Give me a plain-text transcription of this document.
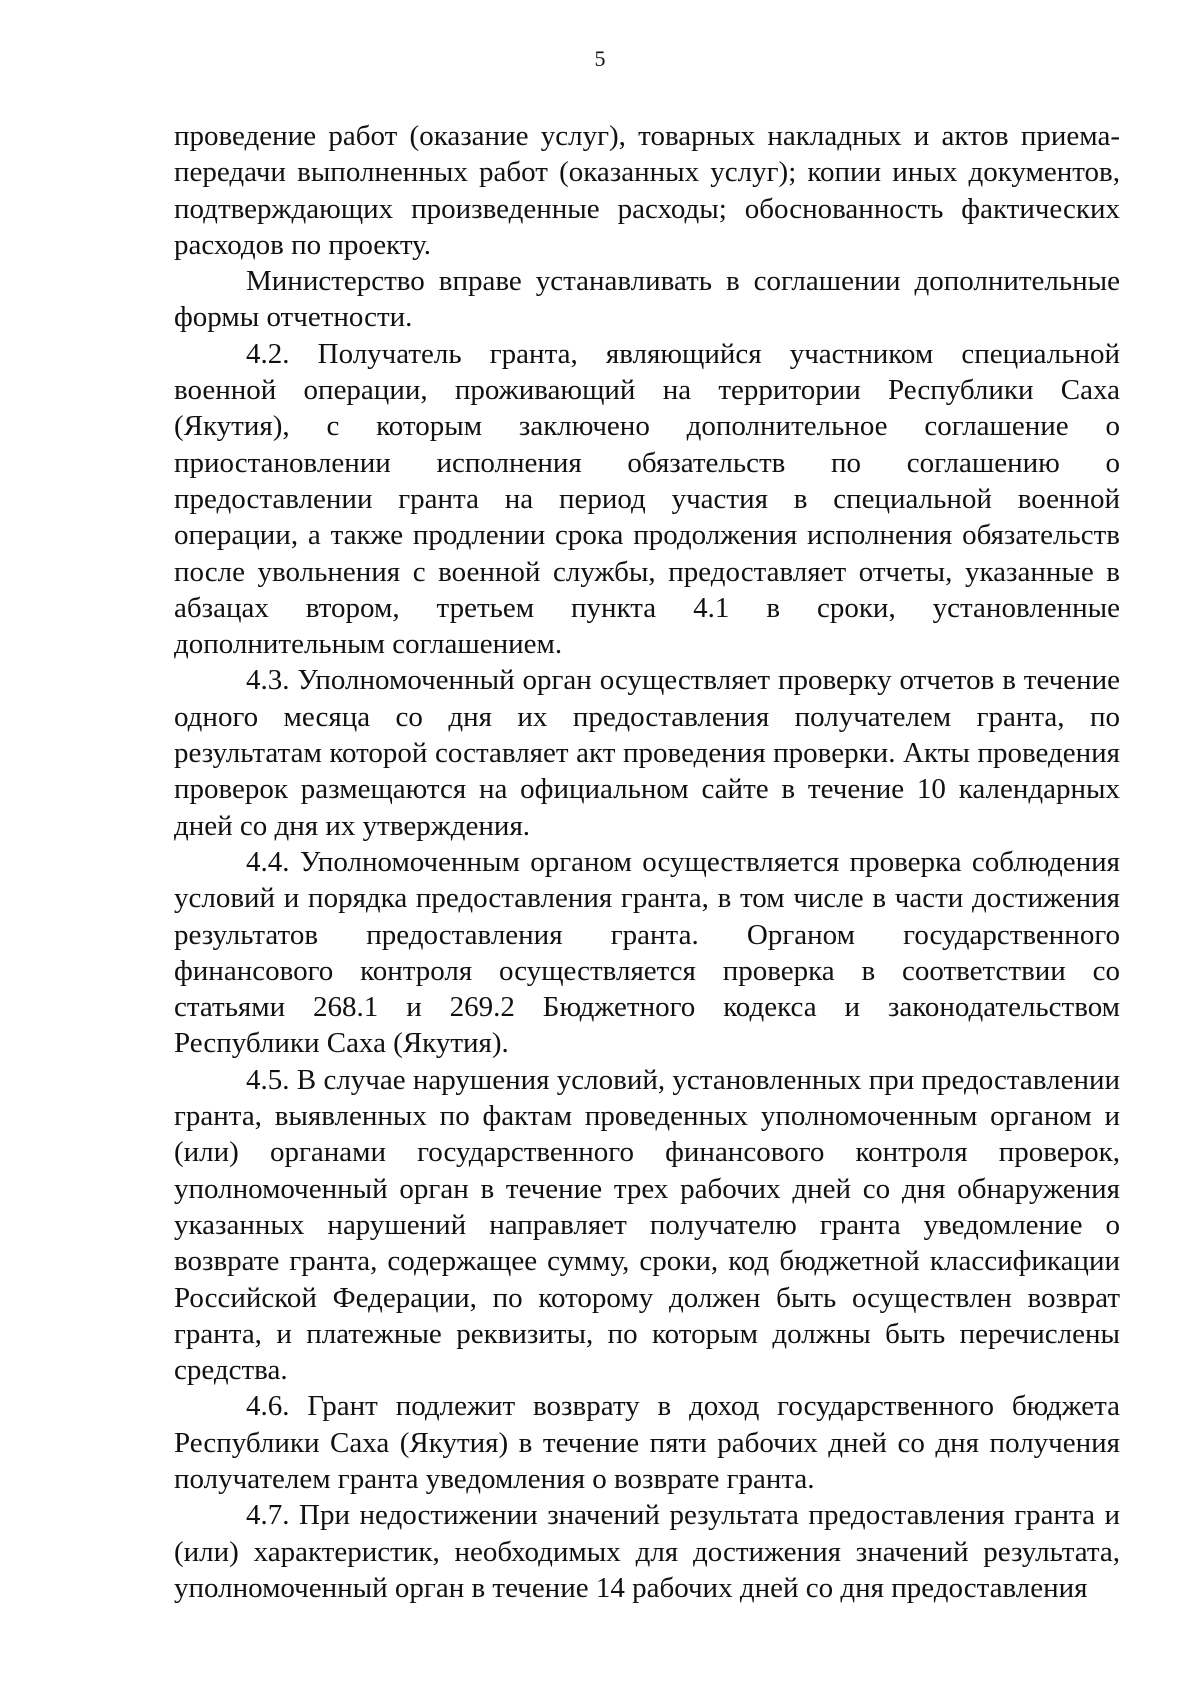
5

проведение работ (оказание услуг), товарных накладных и актов приема-передачи выполненных работ (оказанных услуг); копии иных документов, подтверждающих произведенные расходы; обоснованность фактических расходов по проекту.

Министерство вправе устанавливать в соглашении дополнительные формы отчетности.

4.2. Получатель гранта, являющийся участником специальной военной операции, проживающий на территории Республики Саха (Якутия), с которым заключено дополнительное соглашение о приостановлении исполнения обязательств по соглашению о предоставлении гранта на период участия в специальной военной операции, а также продлении срока продолжения исполнения обязательств после увольнения с военной службы, предоставляет отчеты, указанные в абзацах втором, третьем пункта 4.1 в сроки, установленные дополнительным соглашением.

4.3. Уполномоченный орган осуществляет проверку отчетов в течение одного месяца со дня их предоставления получателем гранта, по результатам которой составляет акт проведения проверки. Акты проведения проверок размещаются на официальном сайте в течение 10 календарных дней со дня их утверждения.

4.4. Уполномоченным органом осуществляется проверка соблюдения условий и порядка предоставления гранта, в том числе в части достижения результатов предоставления гранта. Органом государственного финансового контроля осуществляется проверка в соответствии со статьями 268.1 и 269.2 Бюджетного кодекса и законодательством Республики Саха (Якутия).

4.5. В случае нарушения условий, установленных при предоставлении гранта, выявленных по фактам проведенных уполномоченным органом и (или) органами государственного финансового контроля проверок, уполномоченный орган в течение трех рабочих дней со дня обнаружения указанных нарушений направляет получателю гранта уведомление о возврате гранта, содержащее сумму, сроки, код бюджетной классификации Российской Федерации, по которому должен быть осуществлен возврат гранта, и платежные реквизиты, по которым должны быть перечислены средства.

4.6. Грант подлежит возврату в доход государственного бюджета Республики Саха (Якутия) в течение пяти рабочих дней со дня получения получателем гранта уведомления о возврате гранта.

4.7. При недостижении значений результата предоставления гранта и (или) характеристик, необходимых для достижения значений результата, уполномоченный орган в течение 14 рабочих дней со дня предоставления
